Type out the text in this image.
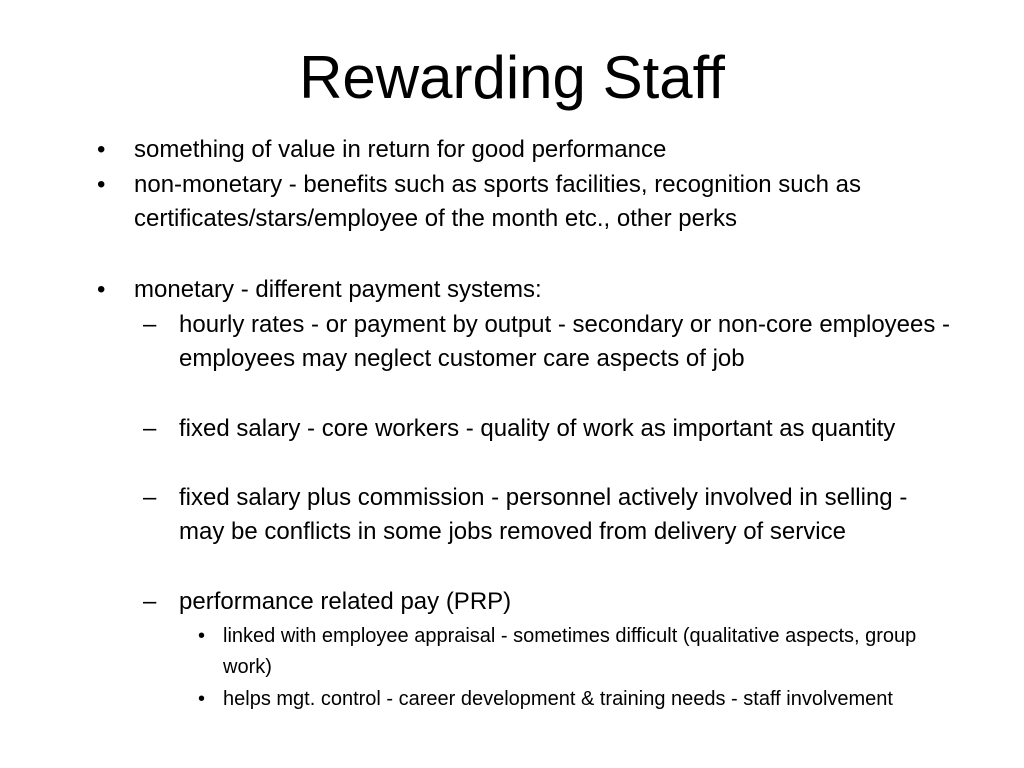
Rewarding Staff
• something of value in return for good performance
• non-monetary - benefits such as sports facilities, recognition such as certificates/stars/employee of the month etc., other perks
• monetary - different payment systems:
– hourly rates - or payment by output - secondary or non-core employees - employees may neglect customer care aspects of job
– fixed salary - core workers - quality of work as important as quantity
– fixed salary plus commission - personnel actively involved in selling - may be conflicts in some jobs removed from delivery of service
– performance related pay (PRP)
• linked with employee appraisal - sometimes difficult (qualitative aspects, group work)
• helps mgt. control - career development & training needs - staff involvement
